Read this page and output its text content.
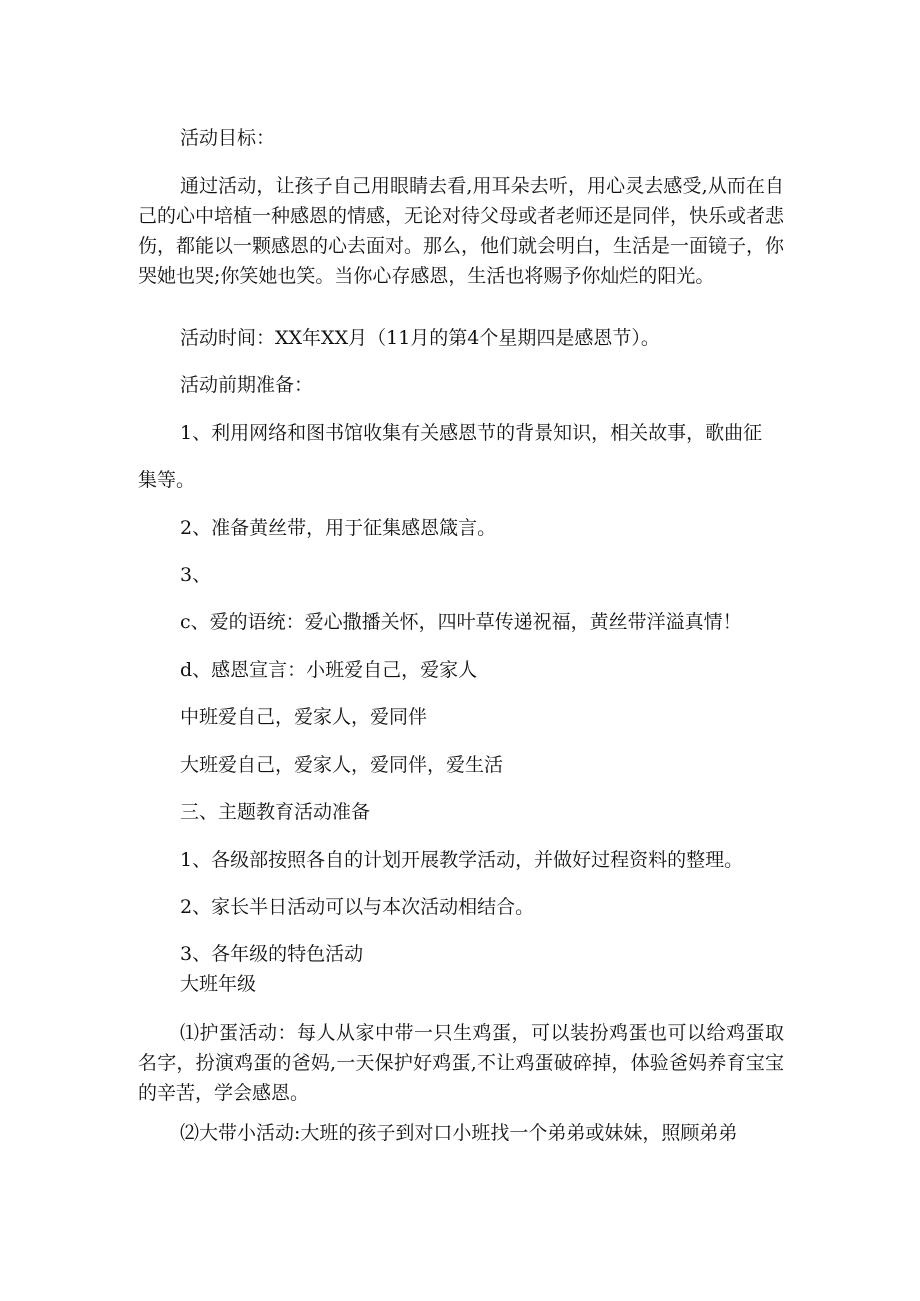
活动目标：
通过活动，让孩子自己用眼睛去看,用耳朵去听，用心灵去感受,从而在自己的心中培植一种感恩的情感，无论对待父母或者老师还是同伴，快乐或者悲伤，都能以一颗感恩的心去面对。那么，他们就会明白，生活是一面镜子，你哭她也哭;你笑她也笑。当你心存感恩，生活也将赐予你灿烂的阳光。
活动时间：XX年XX月（11月的第4个星期四是感恩节）。
活动前期准备：
1、利用网络和图书馆收集有关感恩节的背景知识，相关故事，歌曲征
集等。
2、准备黄丝带，用于征集感恩箴言。
3、
c、爱的语统：爱心撒播关怀，四叶草传递祝福，黄丝带洋溢真情！
d、感恩宣言：小班爱自己，爱家人
中班爱自己，爱家人，爱同伴
大班爱自己，爱家人，爱同伴，爱生活
三、主题教育活动准备
1、各级部按照各自的计划开展教学活动，并做好过程资料的整理。
2、家长半日活动可以与本次活动相结合。
3、各年级的特色活动
大班年级
⑴护蛋活动：每人从家中带一只生鸡蛋，可以装扮鸡蛋也可以给鸡蛋取名字，扮演鸡蛋的爸妈,一天保护好鸡蛋,不让鸡蛋破碎掉，体验爸妈养育宝宝的辛苦，学会感恩。
⑵大带小活动:大班的孩子到对口小班找一个弟弟或妹妹，照顾弟弟
